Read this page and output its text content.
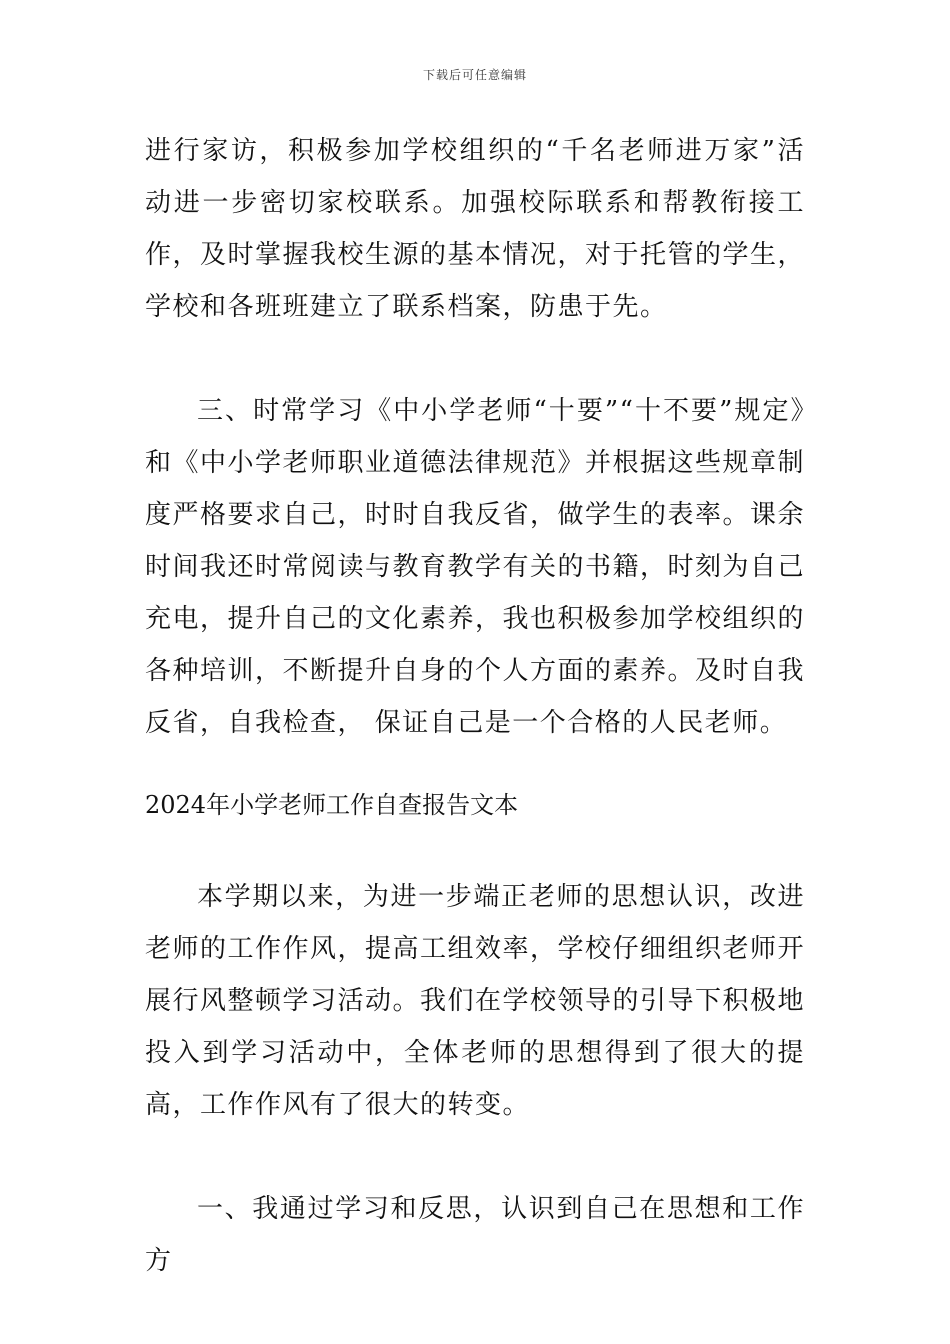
下载后可任意编辑

进行家访，积极参加学校组织的“千名老师进万家”活动进一步密切家校联系。加强校际联系和帮教衔接工作，及时掌握我校生源的基本情况，对于托管的学生，学校和各班班建立了联系档案，防患于先。

三、时常学习《中小学老师“十要”“十不要”规定》和《中小学老师职业道德法律规范》并根据这些规章制度严格要求自己，时时自我反省，做学生的表率。课余时间我还时常阅读与教育教学有关的书籍，时刻为自己充电，提升自己的文化素养，我也积极参加学校组织的各种培训，不断提升自身的个人方面的素养。及时自我反省，自我检查， 保证自己是一个合格的人民老师。

2024年小学老师工作自查报告文本

本学期以来，为进一步端正老师的思想认识，改进老师的工作作风，提高工组效率，学校仔细组织老师开展行风整顿学习活动。我们在学校领导的引导下积极地投入到学习活动中，全体老师的思想得到了很大的提高，工作作风有了很大的转变。

一、我通过学习和反思，认识到自己在思想和工作方
